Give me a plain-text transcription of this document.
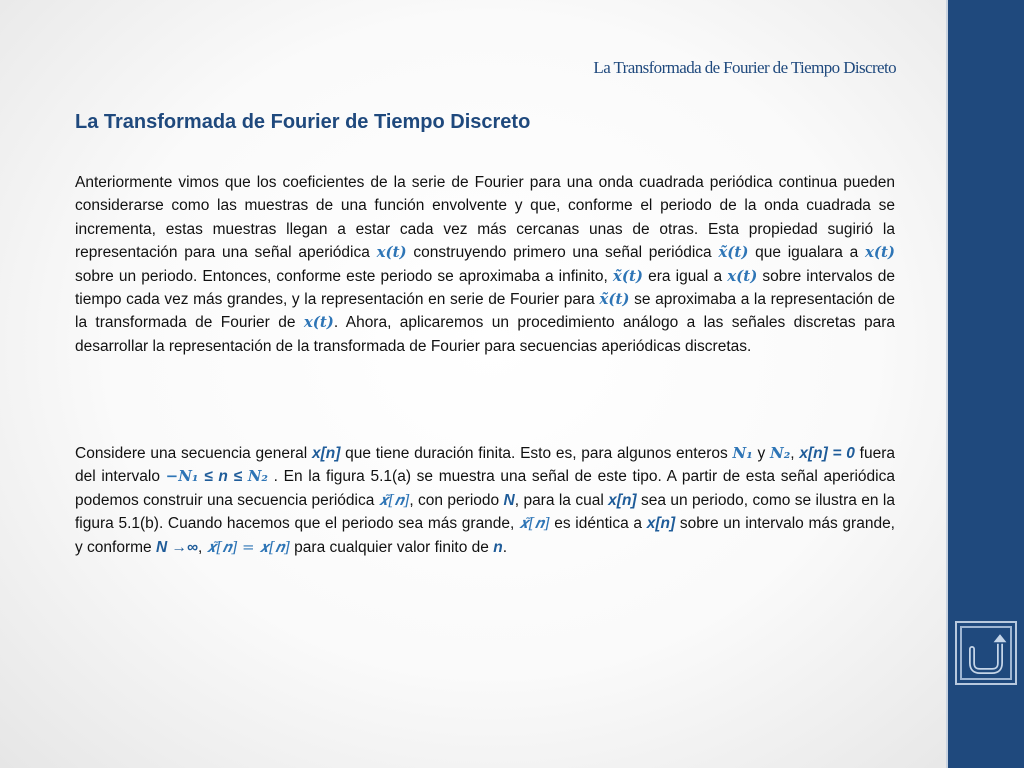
La Transformada de Fourier de Tiempo Discreto
La Transformada de Fourier de Tiempo Discreto

Anteriormente vimos que los coeficientes de la serie de Fourier para una onda cuadrada periódica continua pueden considerarse como las muestras de una función envolvente y que, conforme el periodo de la onda cuadrada se incrementa, estas muestras llegan a estar cada vez más cercanas unas de otras. Esta propiedad sugirió la representación para una señal aperiódica 𝒙(𝒕) construyendo primero una señal periódica 𝒙̃(𝒕) que igualara a 𝒙(𝒕) sobre un periodo. Entonces, conforme este periodo se aproximaba a infinito, 𝒙̃(𝒕) era igual a 𝒙(𝒕) sobre intervalos de tiempo cada vez más grandes, y la representación en serie de Fourier para 𝒙̃(𝒕) se aproximaba a la representación de la transformada de Fourier de 𝒙(𝒕). Ahora, aplicaremos un procedimiento análogo a las señales discretas para desarrollar la representación de la transformada de Fourier para secuencias aperiódicas discretas.

Considere una secuencia general x[n] que tiene duración finita. Esto es, para algunos enteros 𝑵₁ y 𝑵₂, x[n] = 0 fuera del intervalo −𝑵₁ ≤ n ≤ 𝑵₂ . En la figura 5.1(a) se muestra una señal de este tipo. A partir de esta señal aperiódica podemos construir una secuencia periódica 𝒙̃[𝒏], con periodo N, para la cual x[n] sea un periodo, como se ilustra en la figura 5.1(b). Cuando hacemos que el periodo sea más grande, 𝒙̃[𝒏] es idéntica a x[n] sobre un intervalo más grande, y conforme N →∞, 𝒙̃[𝒏] = 𝒙[𝒏] para cualquier valor finito de n.
